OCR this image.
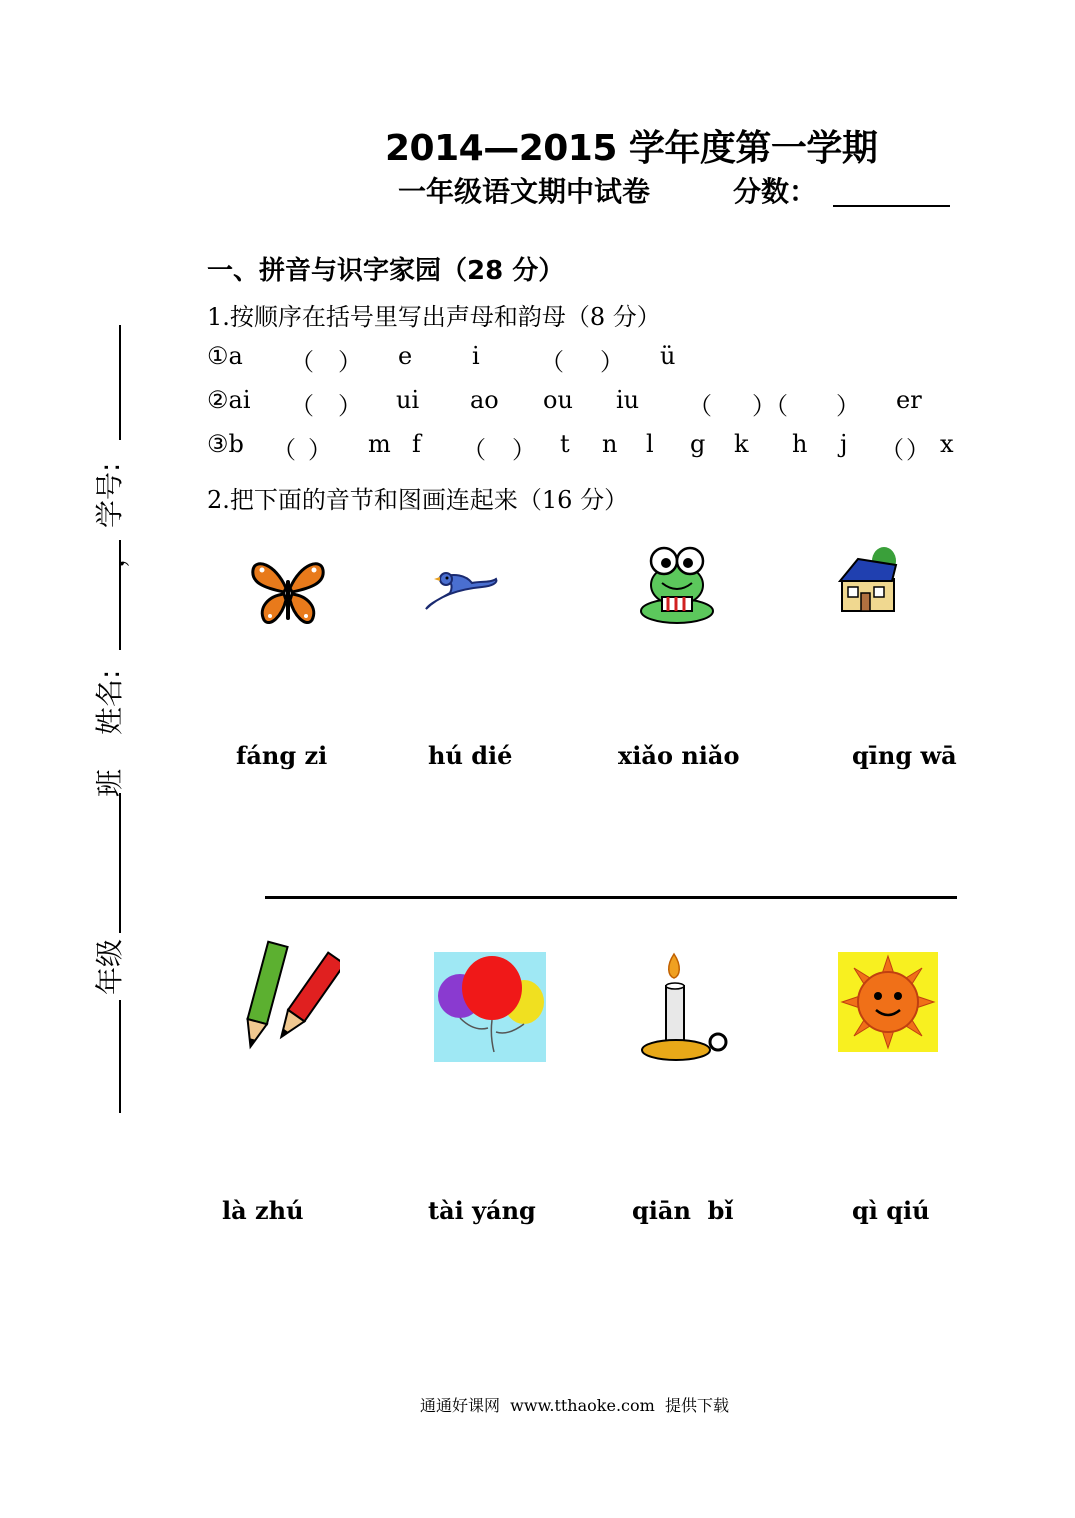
2014—2015 学年度第一学期
一年级语文期中试卷	分数：
学号:
，
姓名:
班
年级
一、拼音与识字家园（28 分）
1.按顺序在括号里写出声母和韵母（8 分）
①a （ ） e i	（ ） ü
②ai （ ） ui ao ou iu （ ）（ ） er
③b （ ） m f （ ） t n l g k h j （ ） x
2.把下面的音节和图画连起来（16 分）
fáng zi	hú dié	xiǎo niǎo	qīng wā
là zhú	tài yáng	qiān  bǐ	qì qiú
通通好课网  www.tthaoke.com  提供下载
